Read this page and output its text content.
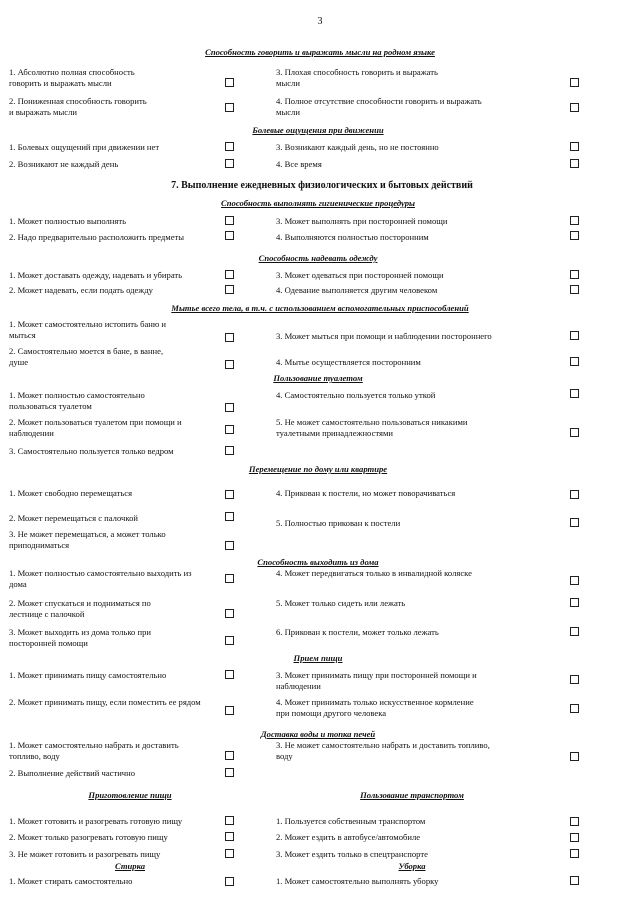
3
Способность говорить и выражать мысли на родном языке
1. Абсолютно полная способность
говорить и выражать мысли
3. Плохая способность говорить и выражать
мысли
2. Пониженная способность говорить
и выражать мысли
4. Полное отсутствие способности говорить и выражать
мысли
Болевые ощущения при движении
1. Болевых ощущений при движении нет	3. Возникают каждый день, но не постоянно
2. Возникают не каждый день	4. Все время
7. Выполнение ежедневных физиологических и бытовых действий
Способность выполнять гигиенические процедуры
1. Может полностью выполнять	3. Может выполнять при посторонней помощи
2. Надо предварительно расположить предметы	4. Выполняются полностью посторонним
Способность надевать одежду
1. Может доставать одежду, надевать и убирать	3. Может одеваться при посторонней помощи
2. Может надевать, если подать одежду	4. Одевание выполняется другим человеком
Мытье всего тела, в т.ч. с использованием вспомогательных приспособлений
1. Может самостоятельно истопить баню и
мыться	3. Может мыться при помощи и наблюдении постороннего
2. Самостоятельно моется в бане, в ванне,
душе	4. Мытье осуществляется посторонним
Пользование туалетом
1. Может полностью самостоятельно
пользоваться туалетом
4. Самостоятельно пользуется только уткой
2. Может пользоваться туалетом при помощи и
наблюдении
5. Не может самостоятельно пользоваться никакими
туалетными принадлежностями
3. Самостоятельно пользуется только ведром
Перемещение по дому или квартире
1. Может свободно перемещаться	4. Прикован к постели, но может поворачиваться
2. Может перемещаться с палочкой	5. Полностью прикован к постели
3. Не может перемещаться, а может только
приподниматься
Способность выходить из дома
1. Может полностью самостоятельно выходить из
дома
4. Может передвигаться только в инвалидной коляске
2. Может спускаться и подниматься по
лестнице с палочкой
5. Может только сидеть или лежать
3. Может выходить из дома только при
посторонней помощи
6. Прикован к постели, может только лежать
Прием пищи
1. Может принимать пищу самостоятельно	3. Может принимать пищу при посторонней помощи и
наблюдении
2. Может принимать пищу, если поместить ее рядом	4. Может принимать только искусственное кормление
при помощи другого человека
Доставка воды и топка печей
1. Может самостоятельно набрать и доставить
топливо, воду
3. Не может самостоятельно набрать и доставить топливо,
воду
2. Выполнение действий частично
Приготовление пищи	Пользование транспортом
1. Может готовить и разогревать готовую пищу	1. Пользуется собственным транспортом
2. Может только разогревать готовую пищу	2. Может ездить в автобусе/автомобиле
3. Не может готовить и разогревать пищу	3. Может ездить только в спецтранспорте
Стирка	Уборка
1. Может стирать самостоятельно	1. Может самостоятельно выполнять уборку
